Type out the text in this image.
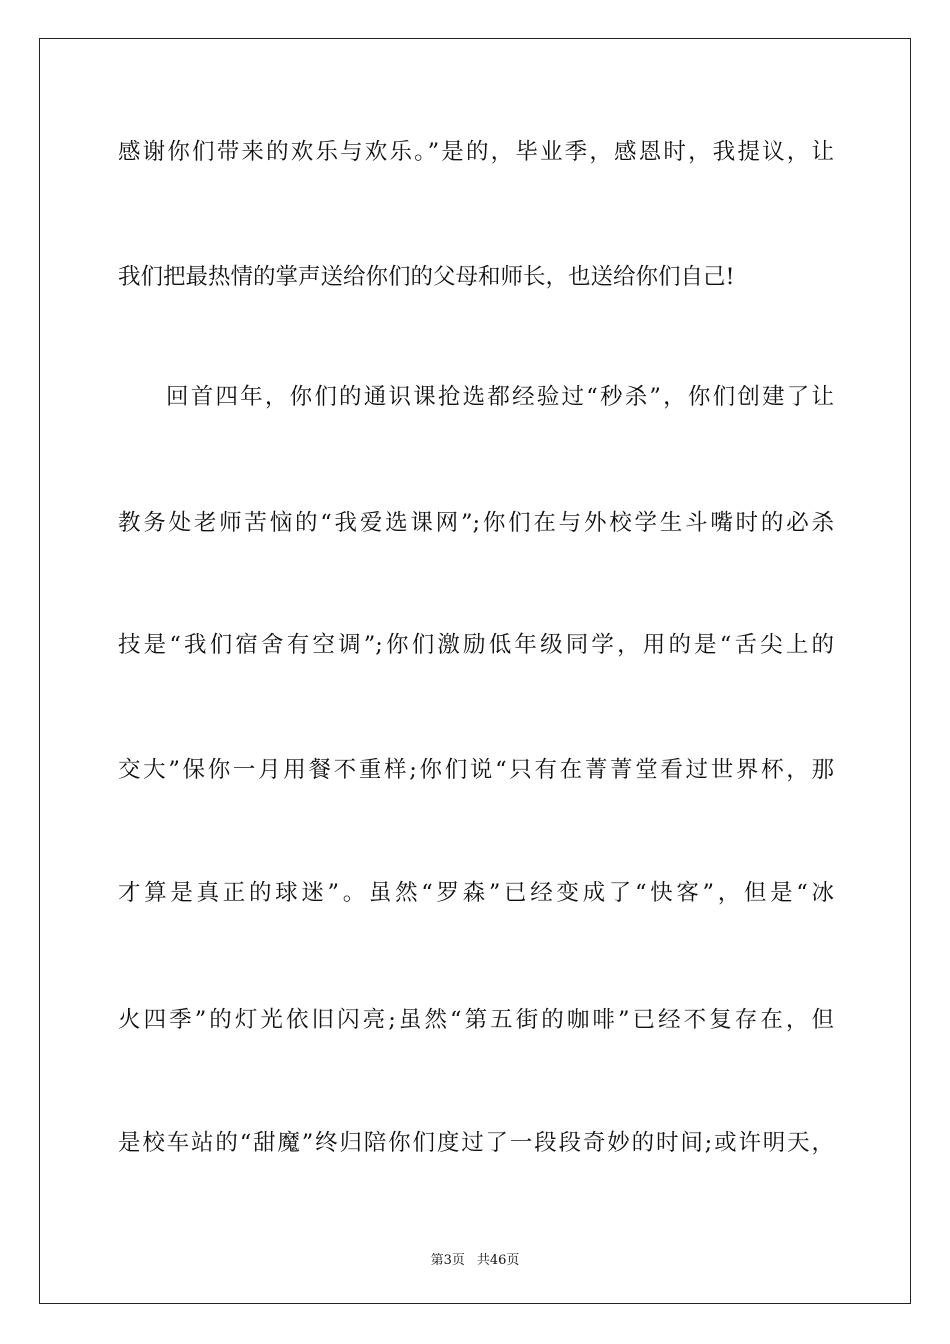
感谢你们带来的欢乐与欢乐。”是的，毕业季，感恩时，我提议，让
我们把最热情的掌声送给你们的父母和师长，也送给你们自己!
回首四年，你们的通识课抢选都经验过“秒杀”，你们创建了让
教务处老师苦恼的“我爱选课网”;你们在与外校学生斗嘴时的必杀
技是“我们宿舍有空调”;你们激励低年级同学，用的是“舌尖上的
交大”保你一月用餐不重样;你们说“只有在菁菁堂看过世界杯，那
才算是真正的球迷”。虽然“罗森”已经变成了“快客”，但是“冰
火四季”的灯光依旧闪亮;虽然“第五街的咖啡”已经不复存在，但
是校车站的“甜魔”终归陪你们度过了一段段奇妙的时间;或许明天，
第3页 共46页
